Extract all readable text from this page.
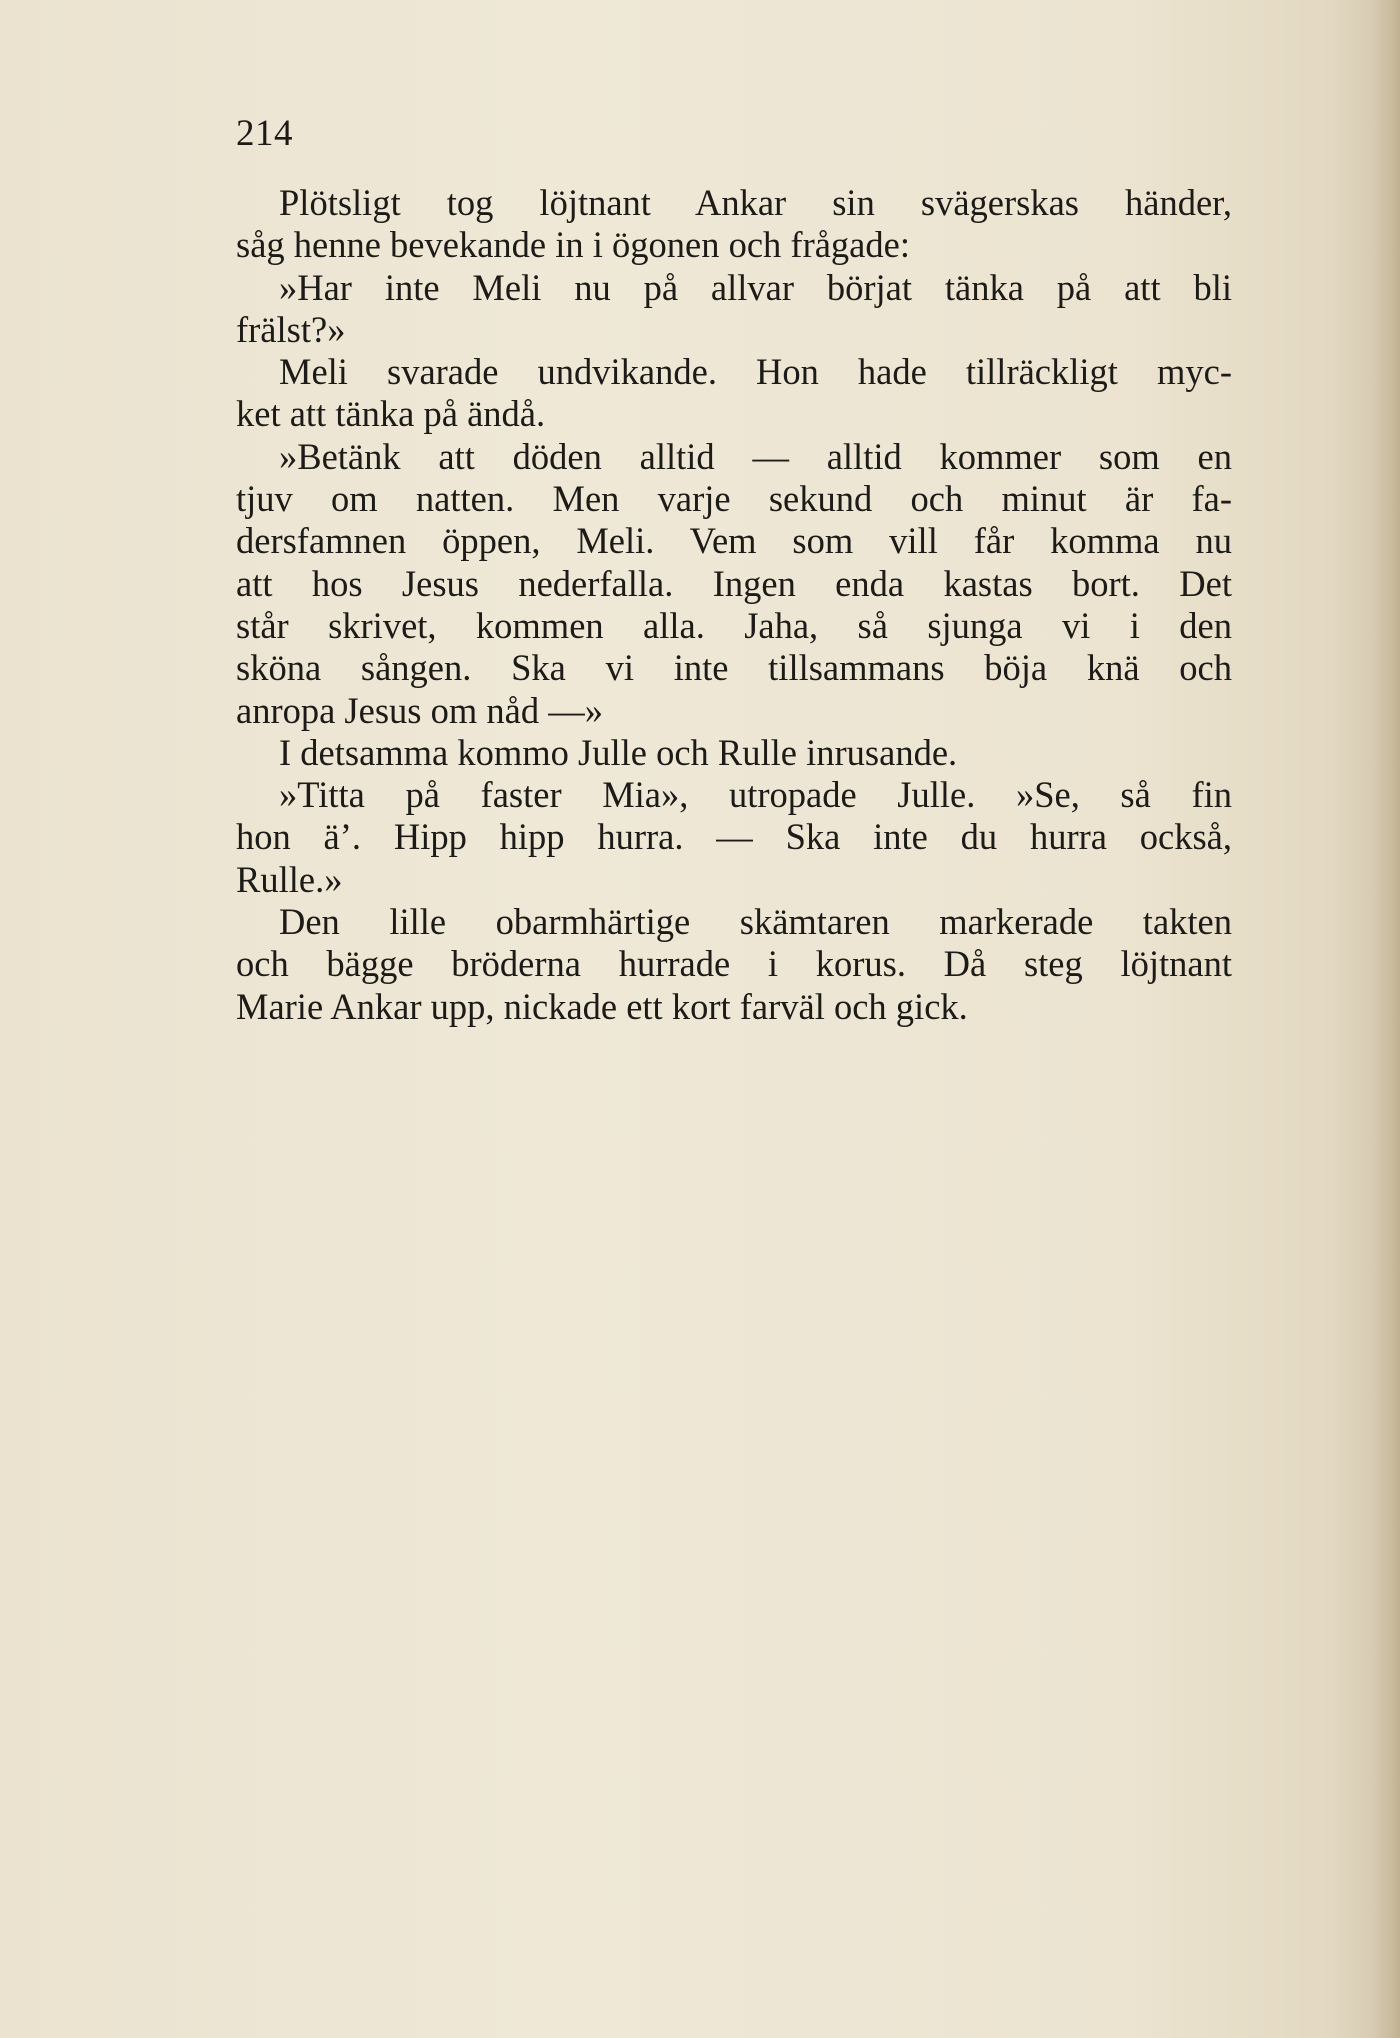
214
Plötsligt tog löjtnant Ankar sin svägerskas händer,
såg henne bevekande in i ögonen och frågade:
»Har inte Meli nu på allvar börjat tänka på att bli
frälst?»
Meli svarade undvikande. Hon hade tillräckligt myc-
ket att tänka på ändå.
»Betänk att döden alltid — alltid kommer som en
tjuv om natten. Men varje sekund och minut är fa-
dersfamnen öppen, Meli. Vem som vill får komma nu
att hos Jesus nederfalla. Ingen enda kastas bort. Det
står skrivet, kommen alla. Jaha, så sjunga vi i den
sköna sången. Ska vi inte tillsammans böja knä och
anropa Jesus om nåd —»
I detsamma kommo Julle och Rulle inrusande.
»Titta på faster Mia», utropade Julle. »Se, så fin
hon ä’. Hipp hipp hurra. — Ska inte du hurra också,
Rulle.»
Den lille obarmhärtige skämtaren markerade takten
och bägge bröderna hurrade i korus. Då steg löjtnant
Marie Ankar upp, nickade ett kort farväl och gick.
